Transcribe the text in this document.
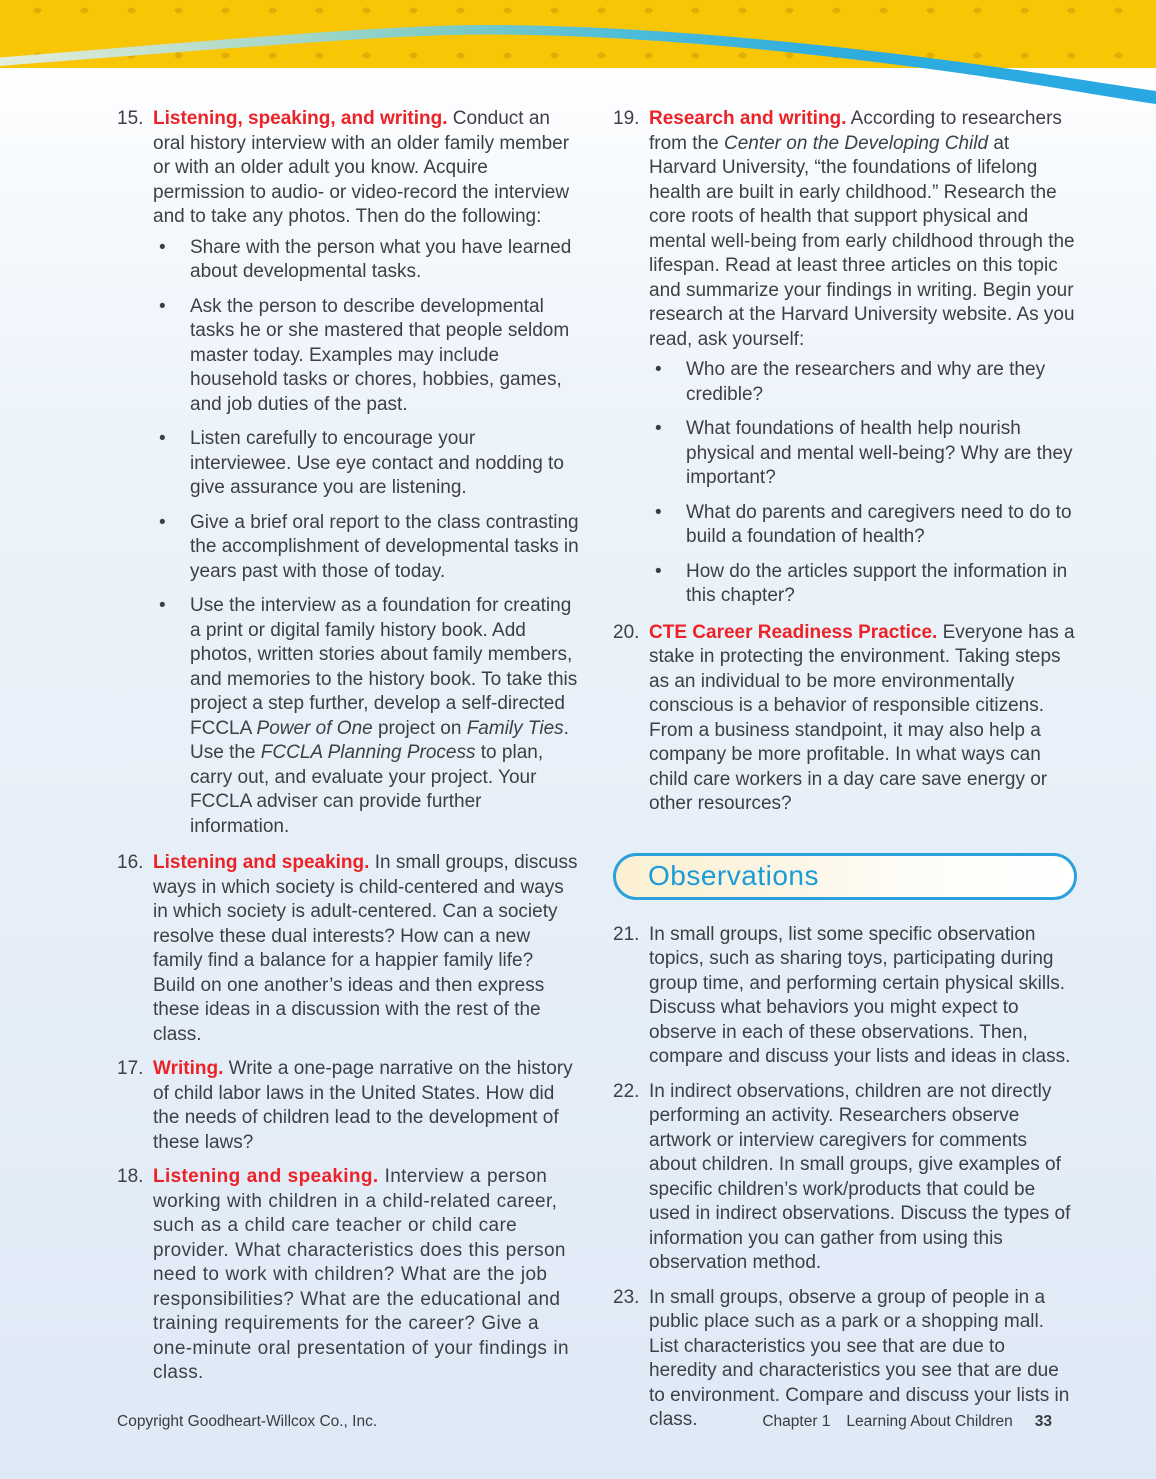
15. Listening, speaking, and writing. Conduct an oral history interview with an older family member or with an older adult you know. Acquire permission to audio- or video-record the interview and to take any photos. Then do the following:

•	Share with the person what you have learned about developmental tasks.
•	Ask the person to describe developmental tasks he or she mastered that people seldom master today. Examples may include household tasks or chores, hobbies, games, and job duties of the past.
•	Listen carefully to encourage your interviewee. Use eye contact and nodding to give assurance you are listening.
•	Give a brief oral report to the class contrasting the accomplishment of developmental tasks in years past with those of today.
•	Use the interview as a foundation for creating a print or digital family history book. Add photos, written stories about family members, and memories to the history book. To take this project a step further, develop a self-directed FCCLA Power of One project on Family Ties. Use the FCCLA Planning Process to plan, carry out, and evaluate your project. Your FCCLA adviser can provide further information.
16. Listening and speaking. In small groups, discuss ways in which society is child-centered and ways in which society is adult-centered. Can a society resolve these dual interests? How can a new family find a balance for a happier family life? Build on one another’s ideas and then express these ideas in a discussion with the rest of the class.

17. Writing. Write a one-page narrative on the history of child labor laws in the United States. How did the needs of children lead to the development of these laws?

18. Listening and speaking. Interview a person working with children in a child-related career, such as a child care teacher or child care provider. What characteristics does this person need to work with children? What are the job responsibilities? What are the educational and training requirements for the career? Give a one-minute oral presentation of your findings in class.

19. Research and writing. According to researchers from the Center on the Developing Child at Harvard University, “the foundations of lifelong health are built in early childhood.” Research the core roots of health that support physical and mental well-being from early childhood through the lifespan. Read at least three articles on this topic and summarize your findings in writing. Begin your research at the Harvard University website. As you read, ask yourself:

•	Who are the researchers and why are they credible?
•	What foundations of health help nourish physical and mental well-being? Why are they important?
•	What do parents and caregivers need to do to build a foundation of health?
•	How do the articles support the information in this chapter?
20. CTE Career Readiness Practice. Everyone has a stake in protecting the environment. Taking steps as an individual to be more environmentally conscious is a behavior of responsible citizens. From a business standpoint, it may also help a company be more profitable. In what ways can child care workers in a day care save energy or other resources?

Observations
21. In small groups, list some specific observation topics, such as sharing toys, participating during group time, and performing certain physical skills. Discuss what behaviors you might expect to observe in each of these observations. Then, compare and discuss your lists and ideas in class.

22. In indirect observations, children are not directly performing an activity. Researchers observe artwork or interview caregivers for comments about children. In small groups, give examples of specific children’s work/products that could be used in indirect observations. Discuss the types of information you can gather from using this observation method.

23. In small groups, observe a group of people in a public place such as a park or a shopping mall. List characteristics you see that are due to heredity and characteristics you see that are due to environment. Compare and discuss your lists in class.

Copyright Goodheart-Willcox Co., Inc.	Chapter 1 Learning About Children 33
